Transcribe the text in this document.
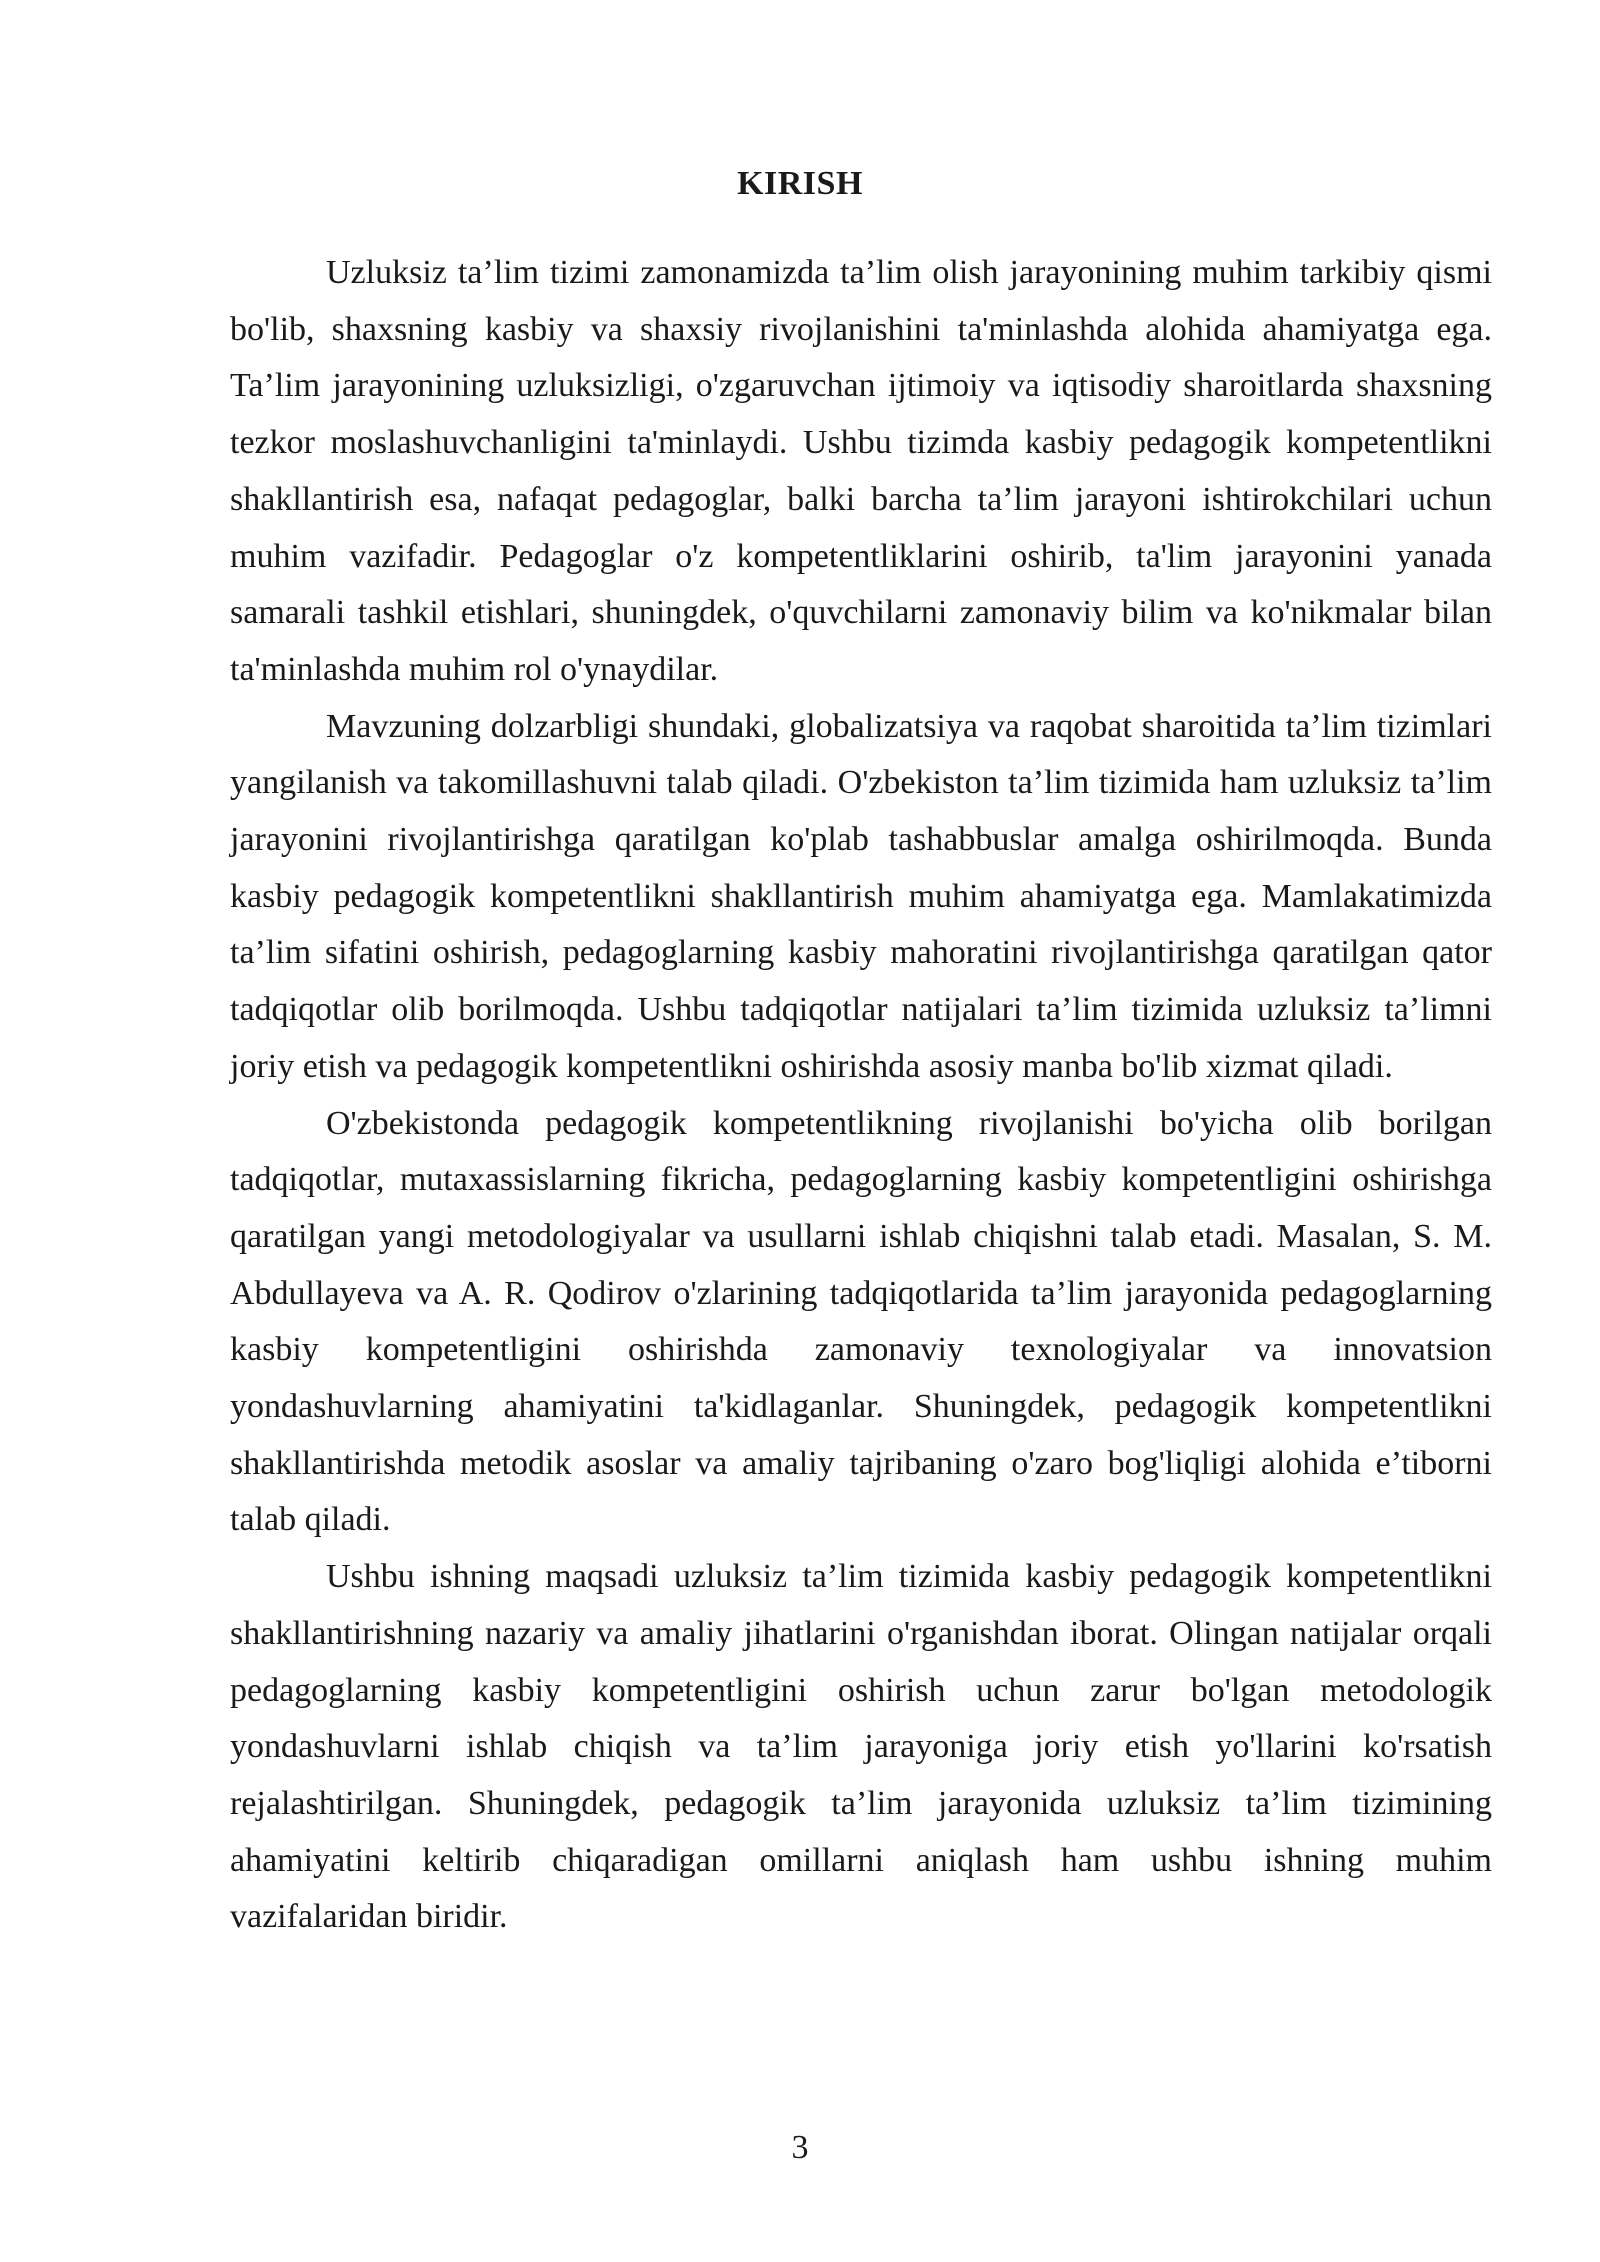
KIRISH

Uzluksiz ta’lim tizimi zamonamizda ta’lim olish jarayonining muhim tarkibiy qismi bo'lib, shaxsning kasbiy va shaxsiy rivojlanishini ta'minlashda alohida ahamiyatga ega. Ta’lim jarayonining uzluksizligi, o'zgaruvchan ijtimoiy va iqtisodiy sharoitlarda shaxsning tezkor moslashuvchanligini ta'minlaydi. Ushbu tizimda kasbiy pedagogik kompetentlikni shakllantirish esa, nafaqat pedagoglar, balki barcha ta’lim jarayoni ishtirokchilari uchun muhim vazifadir. Pedagoglar o'z kompetentliklarini oshirib, ta'lim jarayonini yanada samarali tashkil etishlari, shuningdek, o'quvchilarni zamonaviy bilim va ko'nikmalar bilan ta'minlashda muhim rol o'ynaydilar.

Mavzuning dolzarbligi shundaki, globalizatsiya va raqobat sharoitida ta’lim tizimlari yangilanish va takomillashuvni talab qiladi. O'zbekiston ta’lim tizimida ham uzluksiz ta’lim jarayonini rivojlantirishga qaratilgan ko'plab tashabbuslar amalga oshirilmoqda. Bunda kasbiy pedagogik kompetentlikni shakllantirish muhim ahamiyatga ega. Mamlakatimizda ta’lim sifatini oshirish, pedagoglarning kasbiy mahoratini rivojlantirishga qaratilgan qator tadqiqotlar olib borilmoqda. Ushbu tadqiqotlar natijalari ta’lim tizimida uzluksiz ta’limni joriy etish va pedagogik kompetentlikni oshirishda asosiy manba bo'lib xizmat qiladi.

O'zbekistonda pedagogik kompetentlikning rivojlanishi bo'yicha olib borilgan tadqiqotlar, mutaxassislarning fikricha, pedagoglarning kasbiy kompetentligini oshirishga qaratilgan yangi metodologiyalar va usullarni ishlab chiqishni talab etadi. Masalan, S. M. Abdullayeva va A. R. Qodirov o'zlarining tadqiqotlarida ta’lim jarayonida pedagoglarning kasbiy kompetentligini oshirishda zamonaviy texnologiyalar va innovatsion yondashuvlarning ahamiyatini ta'kidlaganlar. Shuningdek, pedagogik kompetentlikni shakllantirishda metodik asoslar va amaliy tajribaning o'zaro bog'liqligi alohida e’tiborni talab qiladi.

Ushbu ishning maqsadi uzluksiz ta’lim tizimida kasbiy pedagogik kompetentlikni shakllantirishning nazariy va amaliy jihatlarini o'rganishdan iborat. Olingan natijalar orqali pedagoglarning kasbiy kompetentligini oshirish uchun zarur bo'lgan metodologik yondashuvlarni ishlab chiqish va ta’lim jarayoniga joriy etish yo'llarini ko'rsatish rejalashtirilgan. Shuningdek, pedagogik ta’lim jarayonida uzluksiz ta’lim tizimining ahamiyatini keltirib chiqaradigan omillarni aniqlash ham ushbu ishning muhim vazifalaridan biridir.

3
